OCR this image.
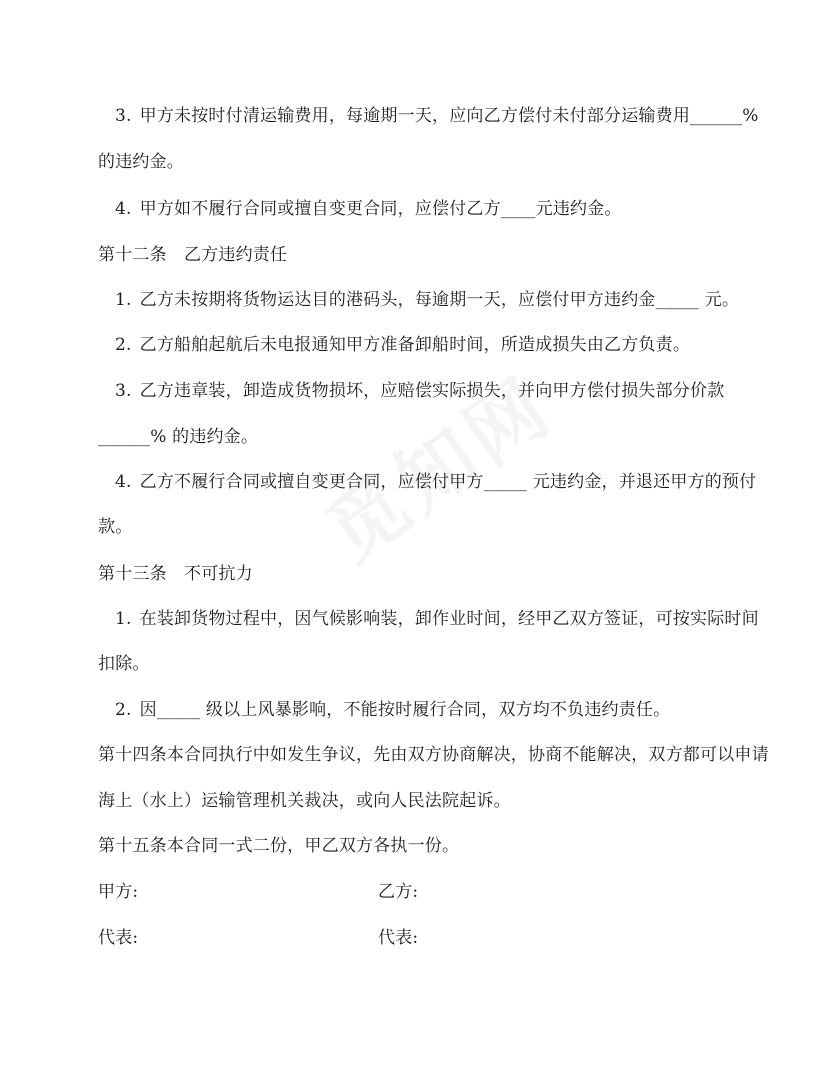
3. 甲方未按时付清运输费用，每逾期一天，应向乙方偿付未付部分运输费用______%
的违约金。
4. 甲方如不履行合同或擅自变更合同，应偿付乙方____元违约金。
第十二条　乙方违约责任
1. 乙方未按期将货物运达目的港码头，每逾期一天，应偿付甲方违约金_____ 元。
2. 乙方船舶起航后未电报通知甲方准备卸船时间，所造成损失由乙方负责。
3. 乙方违章装，卸造成货物损坏，应赔偿实际损失，并向甲方偿付损失部分价款
______% 的违约金。
4. 乙方不履行合同或擅自变更合同，应偿付甲方_____ 元违约金，并退还甲方的预付
款。
第十三条　不可抗力
1. 在装卸货物过程中，因气候影响装，卸作业时间，经甲乙双方签证，可按实际时间
扣除。
2. 因_____ 级以上风暴影响，不能按时履行合同，双方均不负违约责任。
第十四条本合同执行中如发生争议，先由双方协商解决，协商不能解决，双方都可以申请
海上（水上）运输管理机关裁决，或向人民法院起诉。
第十五条本合同一式二份，甲乙双方各执一份。
甲方:	乙方:
代表:	代表:
